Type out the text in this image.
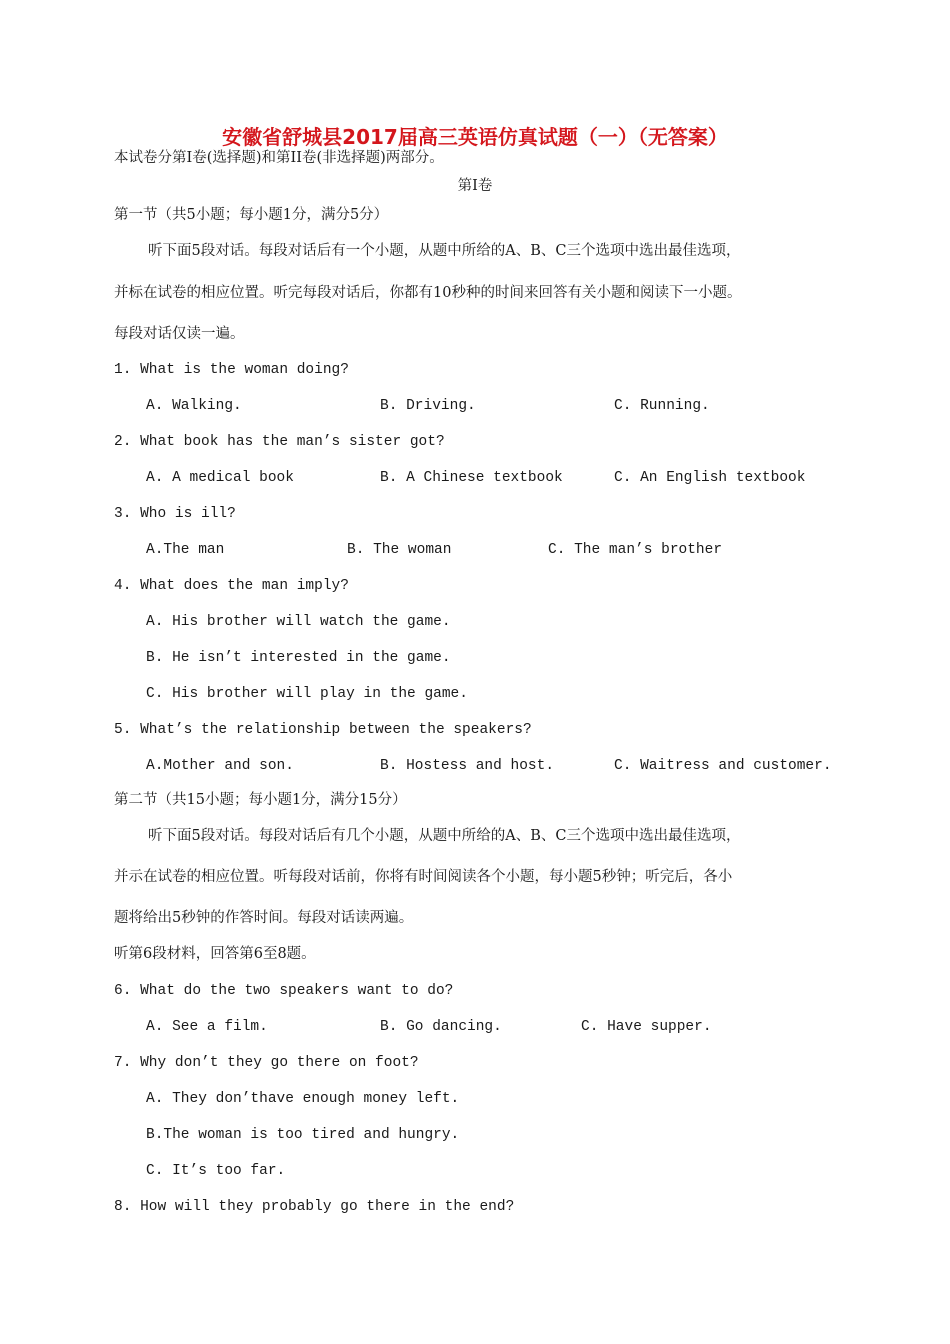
安徽省舒城县2017届高三英语仿真试题（一）（无答案）
本试卷分第Ⅰ卷(选择题)和第II卷(非选择题)两部分。
第Ⅰ卷
第一节（共5小题；每小题1分，满分5分）
听下面5段对话。每段对话后有一个小题，从题中所给的A、B、C三个选项中选出最佳选项，
并标在试卷的相应位置。听完每段对话后，你都有10秒种的时间来回答有关小题和阅读下一小题。
每段对话仅读一遍。
1. What is the woman doing?
A. Walking.	B. Driving.	C. Running.
2. What book has the man’s sister got?
A. A medical book	B. A Chinese textbook	C. An English textbook
3. Who is ill?
A.The man	B. The woman	C. The man’s brother
4. What does the man imply?
A. His brother will watch the game.
B. He isn’t interested in the game.
C. His brother will play in the game.
5. What’s the relationship between the speakers?
A.Mother and son.	B. Hostess and host.	C. Waitress and customer.
第二节（共15小题；每小题1分，满分15分）
听下面5段对话。每段对话后有几个小题，从题中所给的A、B、C三个选项中选出最佳选项，
并示在试卷的相应位置。听每段对话前，你将有时间阅读各个小题，每小题5秒钟；听完后，各小
题将给出5秒钟的作答时间。每段对话读两遍。
听第6段材料，回答第6至8题。
6. What do the two speakers want to do?
A. See a film.	B. Go dancing.	C. Have supper.
7. Why don’t they go there on foot?
A. They don’thave enough money left.
B.The woman is too tired and hungry.
C. It’s too far.
8. How will they probably go there in the end?
